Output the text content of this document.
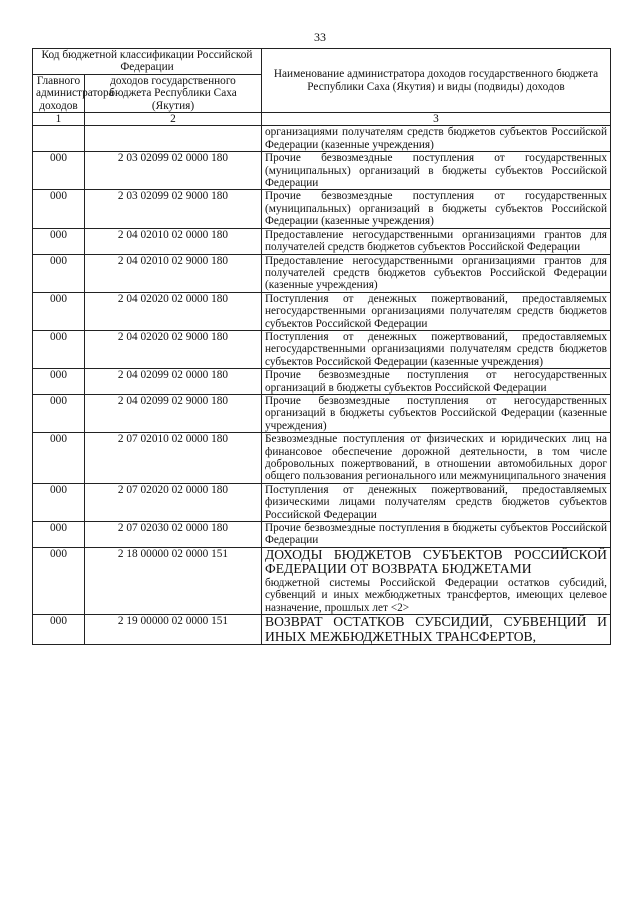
33
Код бюджетной классификации Российской Федерации		Наименование администратора доходов государственного бюджета Республики Саха (Якутия) и виды (подвиды) доходов
Главного администратора доходов	доходов государственного бюджета Республики Саха (Якутия)	
1	2	3
		организациями получателям средств бюджетов субъектов Российской Федерации (казенные учреждения)
000	2 03 02099 02 0000 180	Прочие безвозмездные поступления от государственных (муниципальных) организаций в бюджеты субъектов Российской Федерации
000	2 03 02099 02 9000 180	Прочие безвозмездные поступления от государственных (муниципальных) организаций в бюджеты субъектов Российской Федерации (казенные учреждения)
000	2 04 02010 02 0000 180	Предоставление негосударственными организациями грантов для получателей средств бюджетов субъектов Российской Федерации
000	2 04 02010 02 9000 180	Предоставление негосударственными организациями грантов для получателей средств бюджетов субъектов Российской Федерации (казенные учреждения)
000	2 04 02020 02 0000 180	Поступления от денежных пожертвований, предоставляемых негосударственными организациями получателям средств бюджетов субъектов Российской Федерации
000	2 04 02020 02 9000 180	Поступления от денежных пожертвований, предоставляемых негосударственными организациями получателям средств бюджетов субъектов Российской Федерации (казенные учреждения)
000	2 04 02099 02 0000 180	Прочие безвозмездные поступления от негосударственных организаций в бюджеты субъектов Российской Федерации
000	2 04 02099 02 9000 180	Прочие безвозмездные поступления от негосударственных организаций в бюджеты субъектов Российской Федерации (казенные учреждения)
000	2 07 02010 02 0000 180	Безвозмездные поступления от физических и юридических лиц на финансовое обеспечение дорожной деятельности, в том числе добровольных пожертвований, в отношении автомобильных дорог общего пользования регионального или межмуниципального значения
000	2 07 02020 02 0000 180	Поступления от денежных пожертвований, предоставляемых физическими лицами получателям средств бюджетов субъектов Российской Федерации
000	2 07 02030 02 0000 180	Прочие безвозмездные поступления в бюджеты субъектов Российской Федерации
000	2 18 00000 02 0000 151	ДОХОДЫ БЮДЖЕТОВ СУБЪЕКТОВ РОССИЙСКОЙ ФЕДЕРАЦИИ ОТ ВОЗВРАТА БЮДЖЕТАМИ
бюджетной системы Российской Федерации остатков субсидий, субвенций и иных межбюджетных трансфертов, имеющих целевое назначение, прошлых лет <2>

000	2 19 00000 02 0000 151	ВОЗВРАТ ОСТАТКОВ СУБСИДИЙ, СУБВЕНЦИЙ И ИНЫХ МЕЖБЮДЖЕТНЫХ ТРАНСФЕРТОВ,
